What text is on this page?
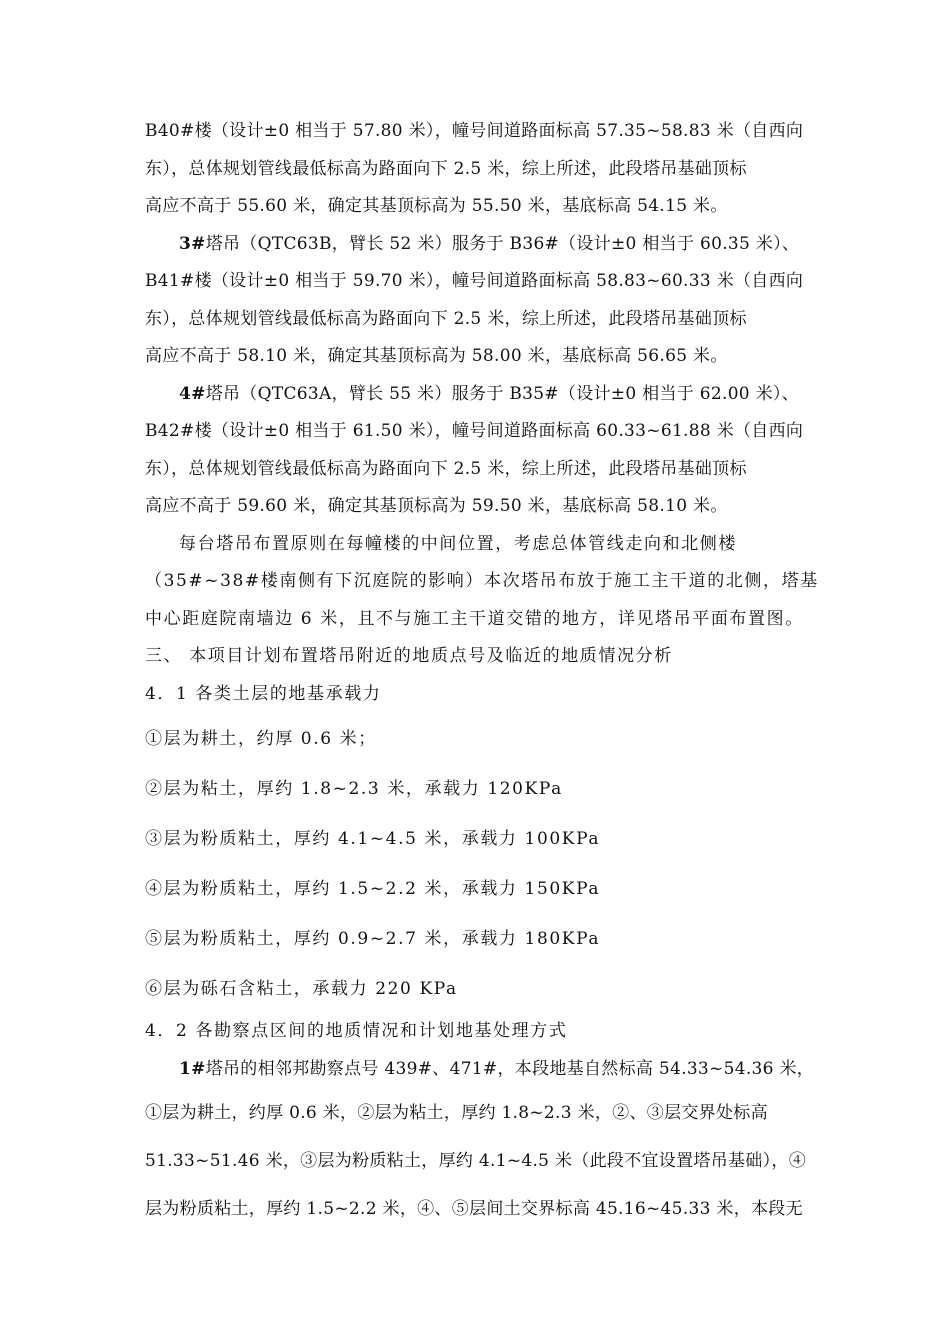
B40#楼（设计±0 相当于 57.80 米），幢号间道路面标高 57.35~58.83 米（自西向
东），总体规划管线最低标高为路面向下 2.5 米，综上所述，此段塔吊基础顶标
高应不高于 55.60 米，确定其基顶标高为 55.50 米，基底标高 54.15 米。
3#塔吊（QTC63B，臂长 52 米）服务于 B36#（设计±0 相当于 60.35 米）、
B41#楼（设计±0 相当于 59.70 米），幢号间道路面标高 58.83~60.33 米（自西向
东），总体规划管线最低标高为路面向下 2.5 米，综上所述，此段塔吊基础顶标
高应不高于 58.10 米，确定其基顶标高为 58.00 米，基底标高 56.65 米。
4#塔吊（QTC63A，臂长 55 米）服务于 B35#（设计±0 相当于 62.00 米）、
B42#楼（设计±0 相当于 61.50 米），幢号间道路面标高 60.33~61.88 米（自西向
东），总体规划管线最低标高为路面向下 2.5 米，综上所述，此段塔吊基础顶标
高应不高于 59.60 米，确定其基顶标高为 59.50 米，基底标高 58.10 米。
每台塔吊布置原则在每幢楼的中间位置，考虑总体管线走向和北侧楼
（35#~38#楼南侧有下沉庭院的影响）本次塔吊布放于施工主干道的北侧，塔基
中心距庭院南墙边 6 米，且不与施工主干道交错的地方，详见塔吊平面布置图。
三、 本项目计划布置塔吊附近的地质点号及临近的地质情况分析
4．1 各类土层的地基承载力
①层为耕土，约厚 0.6 米；
②层为粘土，厚约 1.8~2.3 米，承载力 120KPa
③层为粉质粘土，厚约 4.1~4.5 米，承载力 100KPa
④层为粉质粘土，厚约 1.5~2.2 米，承载力 150KPa
⑤层为粉质粘土，厚约 0.9~2.7 米，承载力 180KPa
⑥层为砾石含粘土，承载力 220 KPa
4．2 各勘察点区间的地质情况和计划地基处理方式
1#塔吊的相邻邦勘察点号 439#、471#，本段地基自然标高 54.33~54.36 米，
①层为耕土，约厚 0.6 米，②层为粘土，厚约 1.8~2.3 米，②、③层交界处标高
51.33~51.46 米，③层为粉质粘土，厚约 4.1~4.5 米（此段不宜设置塔吊基础），④
层为粉质粘土，厚约 1.5~2.2 米，④、⑤层间土交界标高 45.16~45.33 米，本段无
